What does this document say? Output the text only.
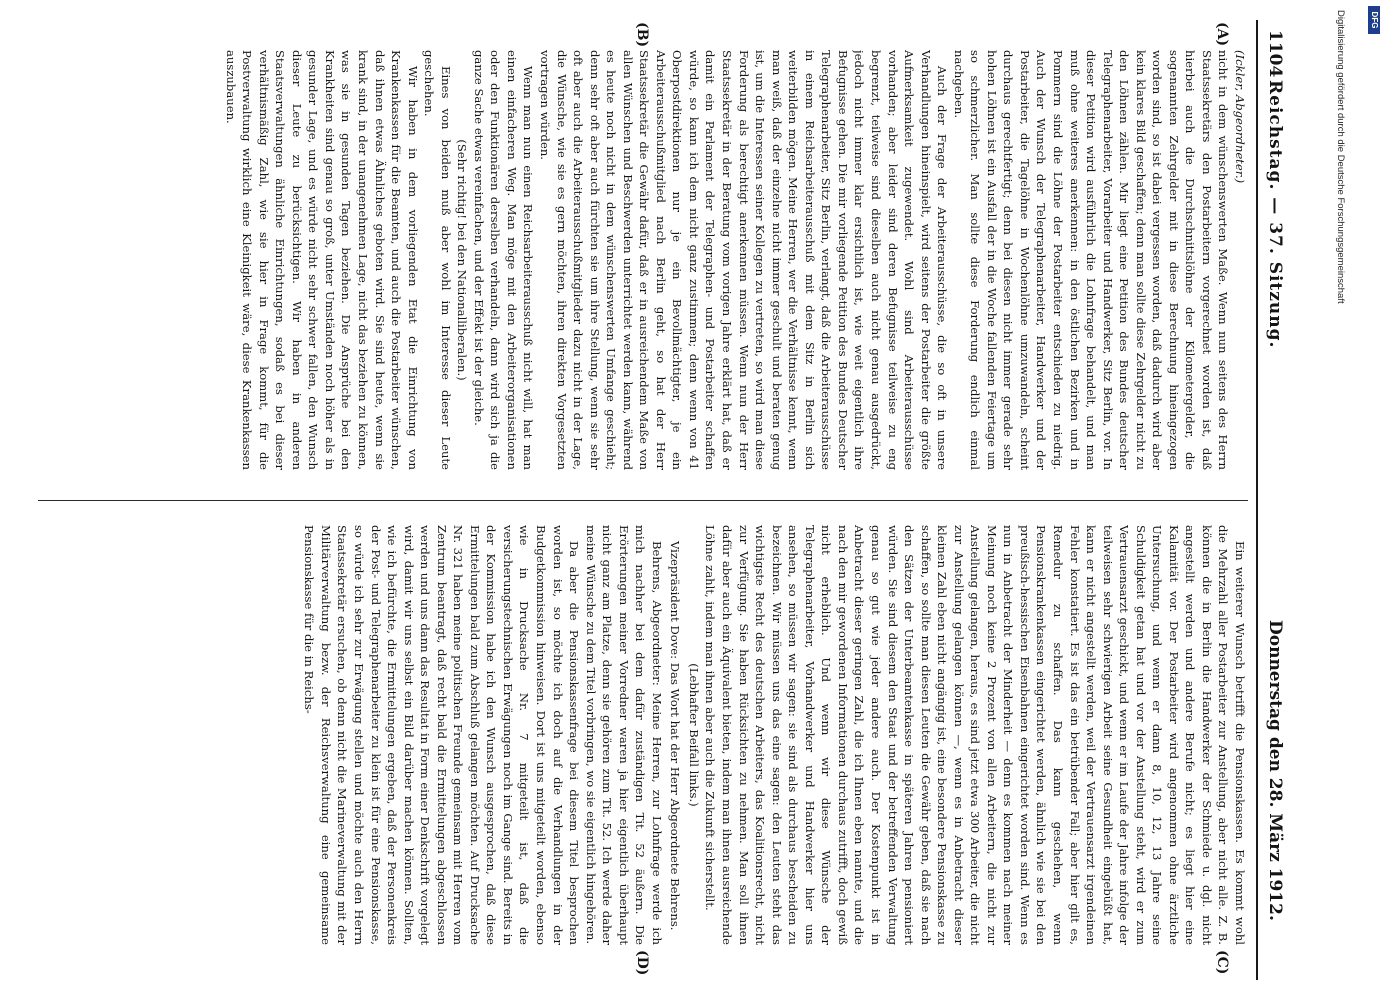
1104
Reichstag. — 37. Sitzung.
Donnerstag den 28. März 1912.
(A)
(B)
(C)
(D)

(Ickler, Abgeordneter.)

nicht in dem wünschenswerten Maße. Wenn nun seitens des Herrn Staatssekretärs den Postarbeitern vorgerechnet worden ist, daß hierbei auch die Durchschnittslöhne der Kilometergelder, die sogenannten Zehrgelder mit in diese Berechnung hineingezogen worden sind, so ist dabei vergessen worden, daß dadurch wird aber kein klares Bild geschaffen; denn man sollte diese Zehrgelder nicht zu den Löhnen zählen. Mir liegt eine Petition des Bundes deutscher Telegraphenarbeiter, Vorarbeiter und Handwerker, Sitz Berlin, vor. In dieser Petition wird ausführlich die Lohnfrage behandelt, und man muß ohne weiteres anerkennen: in den östlichen Bezirken und in Pommern sind die Löhne der Postarbeiter entschieden zu niedrig. Auch der Wunsch der Telegraphenarbeiter, Handwerker und der Postarbeiter, die Tagelöhne in Wochenlöhne umzuwandeln, scheint durchaus gerechtfertigt; denn bei diesen nicht immer gerade sehr hohen Löhnen ist ein Ausfall der in die Woche fallenden Feiertage um so schmerzlicher. Man sollte diese Forderung endlich einmal nachgeben.

Auch der Frage der Arbeiterausschüsse, die so oft in unsere Verhandlungen hineinspielt, wird seitens der Postarbeiter die größte Aufmerksamkeit zugewendet. Wohl sind Arbeiterausschüsse vorhanden; aber leider sind deren Befugnisse teilweise zu eng begrenzt, teilweise sind dieselben auch nicht genau ausgedrückt, jedoch nicht immer klar ersichtlich ist, wie weit eigentlich ihre Befugnisse gehen. Die mir vorliegende Petition des Bundes Deutscher Telegraphenarbeiter, Sitz Berlin, verlangt, daß die Arbeiterausschüsse in einem Reichsarbeiterausschuß mit dem Sitz in Berlin sich weiterbilden mögen. Meine Herren, wer die Verhältnisse kennt, wenn man weiß, daß der einzelne nicht immer geschult und beraten genug ist, um die Interessen seiner Kollegen zu vertreten, so wird man diese Forderung als berechtigt anerkennen müssen. Wenn nun der Herr Staatssekretär in der Beratung vom vorigen Jahre erklärt hat, daß er damit ein Parlament der Telegraphen- und Postarbeiter schaffen würde, so kann ich dem nicht ganz zustimmen; denn wenn von 41 Oberpostdirektionen nur je ein Bevollmächtigter, je ein Arbeiterausschußmitglied nach Berlin geht, so hat der Herr Staatssekretär die Gewähr dafür, daß er in ausreichendem Maße von allen Wünschen und Beschwerden unterrichtet werden kann, während es heute noch nicht in dem wünschenswerten Umfange geschieht; denn sehr oft aber auch fürchten sie um ihre Stellung, wenn sie sehr oft aber auch die Arbeiterausschußmitglieder dazu nicht in der Lage, die Wünsche, wie sie es gern möchten, ihren direkten Vorgesetzten vortragen würden.

Wenn man nun einen Reichsarbeiterausschuß nicht will, hat man einen einfacheren Weg. Man möge mit den Arbeiterorganisationen oder den Funktionären derselben verhandeln, dann wird sich ja die ganze Sache etwas vereinfachen, und der Effekt ist der gleiche.

(Sehr richtig! bei den Nationalliberalen.)

Eines von beiden muß aber wohl im Interesse dieser Leute geschehen.

Wir haben in dem vorliegenden Etat die Einrichtung von Krankenkassen für die Beamten, und auch die Postarbeiter wünschen, daß ihnen etwas Ähnliches geboten wird. Sie sind heute, wenn sie krank sind, in der unangenehmen Lage, nicht das beziehen zu können, was sie in gesunden Tagen beziehen. Die Ansprüche bei den Krankheiten sind genau so groß, unter Umständen noch höher als in gesunder Lage, und es würde nicht sehr schwer fallen, den Wunsch dieser Leute zu berücksichtigen. Wir haben in anderen Staatsverwaltungen ähnliche Einrichtungen, sodaß es bei dieser verhältnismäßig Zahl, wie sie hier in Frage kommt, für die Postverwaltung wirklich eine Kleinigkeit wäre, diese Krankenkassen auszubauen.

Ein weiterer Wunsch betrifft die Pensionskassen. Es kommt wohl die Mehrzahl aller Postarbeiter zur Anstellung, aber nicht alle. Z. B. können die in Berlin die Handwerker der Schmiede u. dgl. nicht angestellt werden und andere Berufe nicht; es liegt hier eine Kalamität vor. Der Postarbeiter wird angenommen ohne ärztliche Untersuchung, und wenn er dann 8, 10, 12, 13 Jahre seine Schuldigkeit getan hat und vor der Anstellung steht, wird er zum Vertrauensarzt geschickt, und wenn er im Laufe der Jahre infolge der teilweisen sehr schwierigen Arbeit seine Gesundheit eingebüßt hat, kann er nicht angestellt werden, weil der Vertrauensarzt irgendeinen Fehler konstatiert. Es ist das ein betrübender Fall; aber hier gilt es, Remedur zu schaffen. Das kann geschehen, wenn Pensionskrankenkassen eingerichtet werden, ähnlich wie sie bei den preußisch-hessischen Eisenbahnen eingerichtet worden sind. Wenn es nun in Anbetracht der Minderheit — denn es kommen nach meiner Meinung noch keine 2 Prozent von allen Arbeitern, die nicht zur Anstellung gelangen, heraus, es sind jetzt etwa 300 Arbeiter, die nicht zur Anstellung gelangen können —, wenn es in Anbetracht dieser kleinen Zahl eben nicht angängig ist, eine besondere Pensionskasse zu schaffen, so sollte man diesen Leuten die Gewähr geben, daß sie nach den Sätzen der Unterbeamtenkasse in späteren Jahren pensioniert würden. Sie sind diesem den Staat und der betreffenden Verwaltung genau so gut wie jeder andere auch. Der Kostenpunkt ist in Anbetracht dieser geringen Zahl, die ich Ihnen eben nannte, und die nach den mir gewordenen Informationen durchaus zutrifft, doch gewiß nicht erheblich. Und wenn wir diese Wünsche der Telegraphenarbeiter, Vorhandwerker und Handwerker hier uns ansehen, so müssen wir sagen: sie sind als durchaus bescheiden zu bezeichnen. Wir müssen uns das eine sagen: den Leuten steht das wichtigste Recht des deutschen Arbeiters, das Koalitionsrecht, nicht zur Verfügung. Sie haben Rücksichten zu nehmen. Man soll ihnen dafür aber auch ein Äquivalent bieten, indem man ihnen ausreichende Löhne zahlt, indem man ihnen aber auch die Zukunft sicherstellt.

(Lebhafter Beifall links.)

Vizepräsident Dove: Das Wort hat der Herr Abgeordnete Behrens.

Behrens, Abgeordneter: Meine Herren, zur Lohnfrage werde ich mich nachher bei dem dafür zuständigen Tit. 52 äußern. Die Erörterungen meiner Vorredner waren ja hier eigentlich überhaupt nicht ganz am Platze, denn sie gehören zum Tit. 52. Ich werde daher meine Wünsche zu dem Titel vorbringen, wo sie eigentlich hingehören.

Da aber die Pensionskassenfrage bei diesem Titel besprochen worden ist, so möchte ich doch auf die Verhandlungen in der Budgetkommission hinweisen. Dort ist uns mitgeteilt worden, ebenso wie in Drucksache Nr. 7 mitgeteilt ist, daß die versicherungstechnischen Erwägungen noch im Gange sind. Bereits in der Kommission habe ich den Wunsch ausgesprochen, daß diese Ermittelungen bald zum Abschluß gelangen möchten. Auf Drucksache Nr. 321 haben meine politischen Freunde gemeinsam mit Herren vom Zentrum beantragt, daß recht bald die Ermittelungen abgeschlossen werden und uns dann das Resultat in Form einer Denkschrift vorgelegt wird, damit wir uns selbst ein Bild darüber machen können. Sollten, wie ich befürchte, die Ermittelungen ergeben, daß der Personenkreis der Post- und Telegraphenarbeiter zu klein ist für eine Pensionskasse, so würde ich sehr zur Erwägung stellen und möchte auch den Herrn Staatssekretär ersuchen, ob denn nicht die Marineverwaltung mit der Militärverwaltung bezw. der Reichsverwaltung eine gemeinsame Pensionskasse für die in Reichs-

Digitalisierung gefördert durch die Deutsche Forschungsgemeinschaft	DFG
